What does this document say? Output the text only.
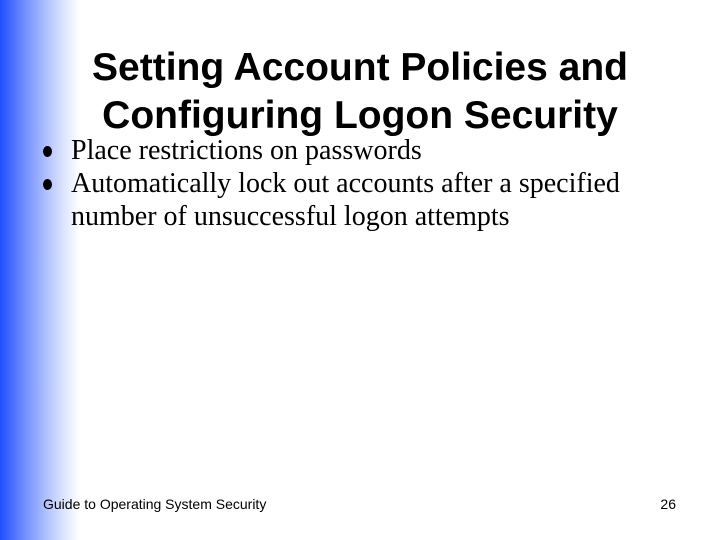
Setting Account Policies and
Configuring Logon Security
Place restrictions on passwords
Automatically lock out accounts after a specified number of unsuccessful logon attempts
Guide to Operating System Security	26
